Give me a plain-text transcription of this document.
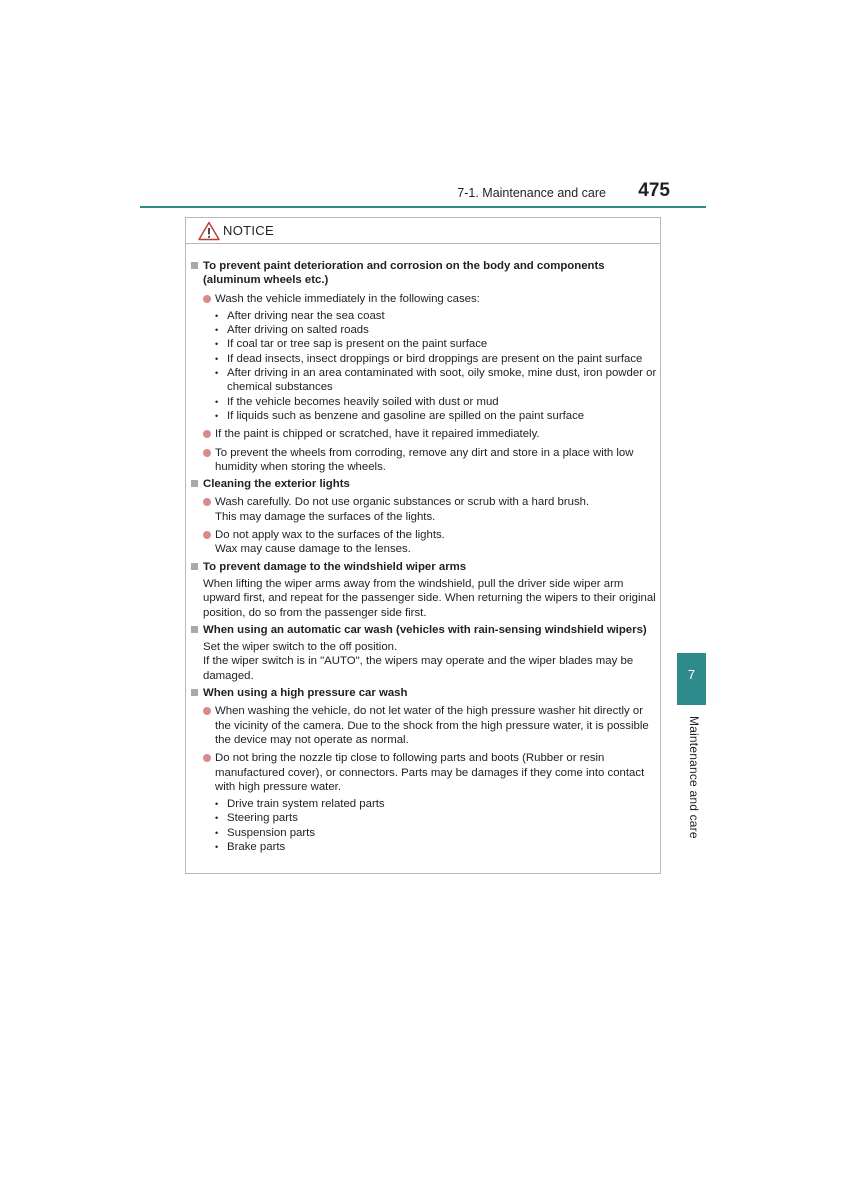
7-1. Maintenance and care 475
7
Maintenance and care
NOTICE
To prevent paint deterioration and corrosion on the body and components (aluminum wheels etc.)
Wash the vehicle immediately in the following cases:
• After driving near the sea coast
• After driving on salted roads
• If coal tar or tree sap is present on the paint surface
• If dead insects, insect droppings or bird droppings are present on the paint surface
• After driving in an area contaminated with soot, oily smoke, mine dust, iron powder or chemical substances
• If the vehicle becomes heavily soiled with dust or mud
• If liquids such as benzene and gasoline are spilled on the paint surface
If the paint is chipped or scratched, have it repaired immediately.
To prevent the wheels from corroding, remove any dirt and store in a place with low humidity when storing the wheels.
Cleaning the exterior lights
Wash carefully. Do not use organic substances or scrub with a hard brush.
This may damage the surfaces of the lights.
Do not apply wax to the surfaces of the lights.
Wax may cause damage to the lenses.
To prevent damage to the windshield wiper arms
When lifting the wiper arms away from the windshield, pull the driver side wiper arm upward first, and repeat for the passenger side. When returning the wipers to their original position, do so from the passenger side first.
When using an automatic car wash (vehicles with rain-sensing windshield wipers)
Set the wiper switch to the off position.
If the wiper switch is in "AUTO", the wipers may operate and the wiper blades may be damaged.
When using a high pressure car wash
When washing the vehicle, do not let water of the high pressure washer hit directly or the vicinity of the camera. Due to the shock from the high pressure water, it is possible the device may not operate as normal.
Do not bring the nozzle tip close to following parts and boots (Rubber or resin manufactured cover), or connectors. Parts may be damages if they come into contact with high pressure water.
• Drive train system related parts
• Steering parts
• Suspension parts
• Brake parts
